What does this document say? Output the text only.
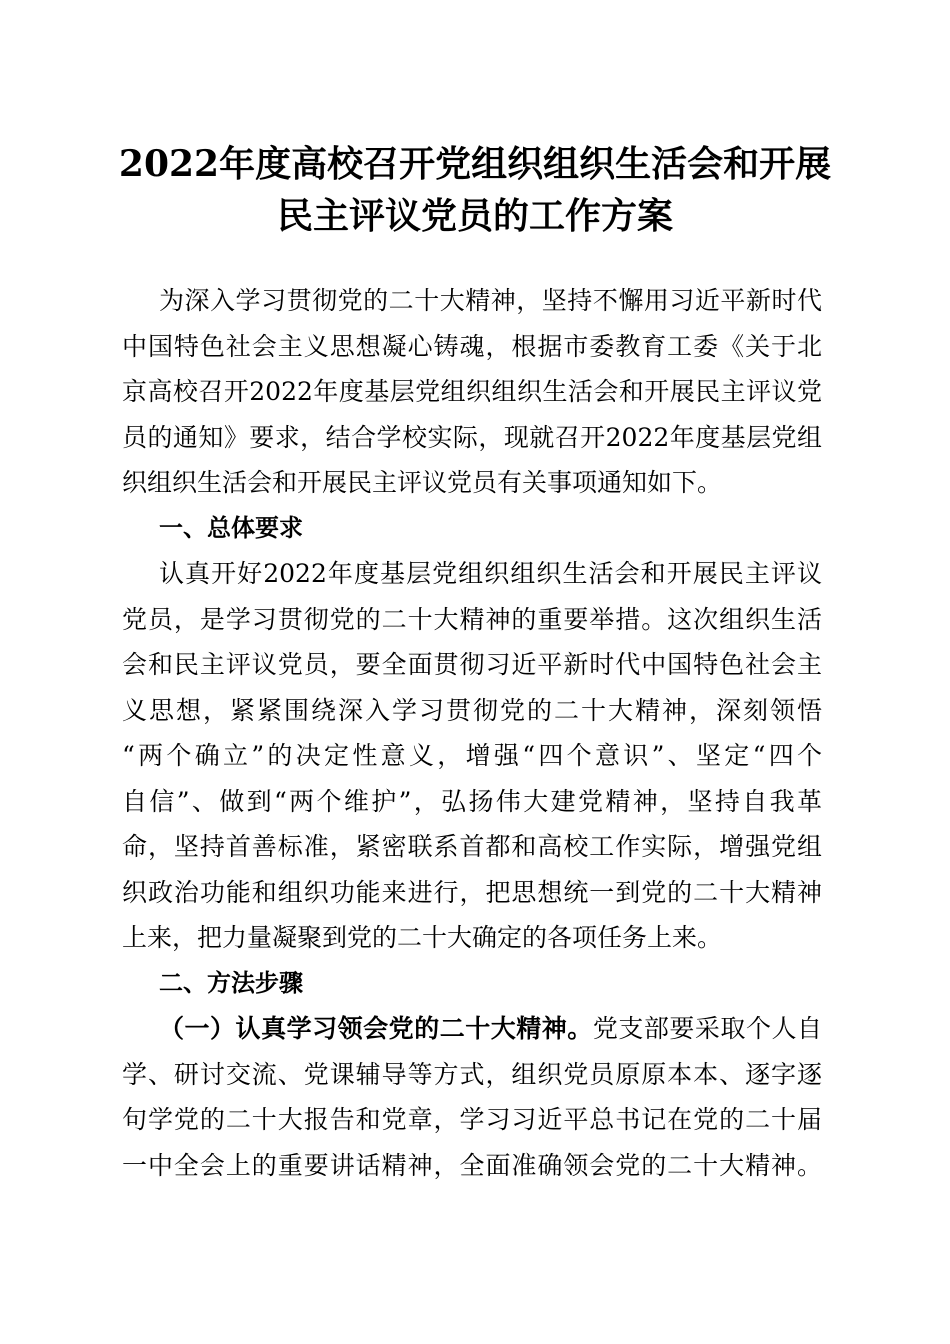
2022年度高校召开党组织组织生活会和开展
民主评议党员的工作方案
为深入学习贯彻党的二十大精神，坚持不懈用习近平新时代
中国特色社会主义思想凝心铸魂，根据市委教育工委《关于北
京高校召开2022年度基层党组织组织生活会和开展民主评议党
员的通知》要求，结合学校实际，现就召开2022年度基层党组
织组织生活会和开展民主评议党员有关事项通知如下。
一、总体要求
认真开好2022年度基层党组织组织生活会和开展民主评议
党员，是学习贯彻党的二十大精神的重要举措。这次组织生活
会和民主评议党员，要全面贯彻习近平新时代中国特色社会主
义思想，紧紧围绕深入学习贯彻党的二十大精神，深刻领悟
“两个确立”的决定性意义，增强“四个意识”、坚定“四个
自信”、做到“两个维护”，弘扬伟大建党精神，坚持自我革
命，坚持首善标准，紧密联系首都和高校工作实际，增强党组
织政治功能和组织功能来进行，把思想统一到党的二十大精神
上来，把力量凝聚到党的二十大确定的各项任务上来。
二、方法步骤
（一）认真学习领会党的二十大精神。党支部要采取个人自
学、研讨交流、党课辅导等方式，组织党员原原本本、逐字逐
句学党的二十大报告和党章，学习习近平总书记在党的二十届
一中全会上的重要讲话精神，全面准确领会党的二十大精神。
